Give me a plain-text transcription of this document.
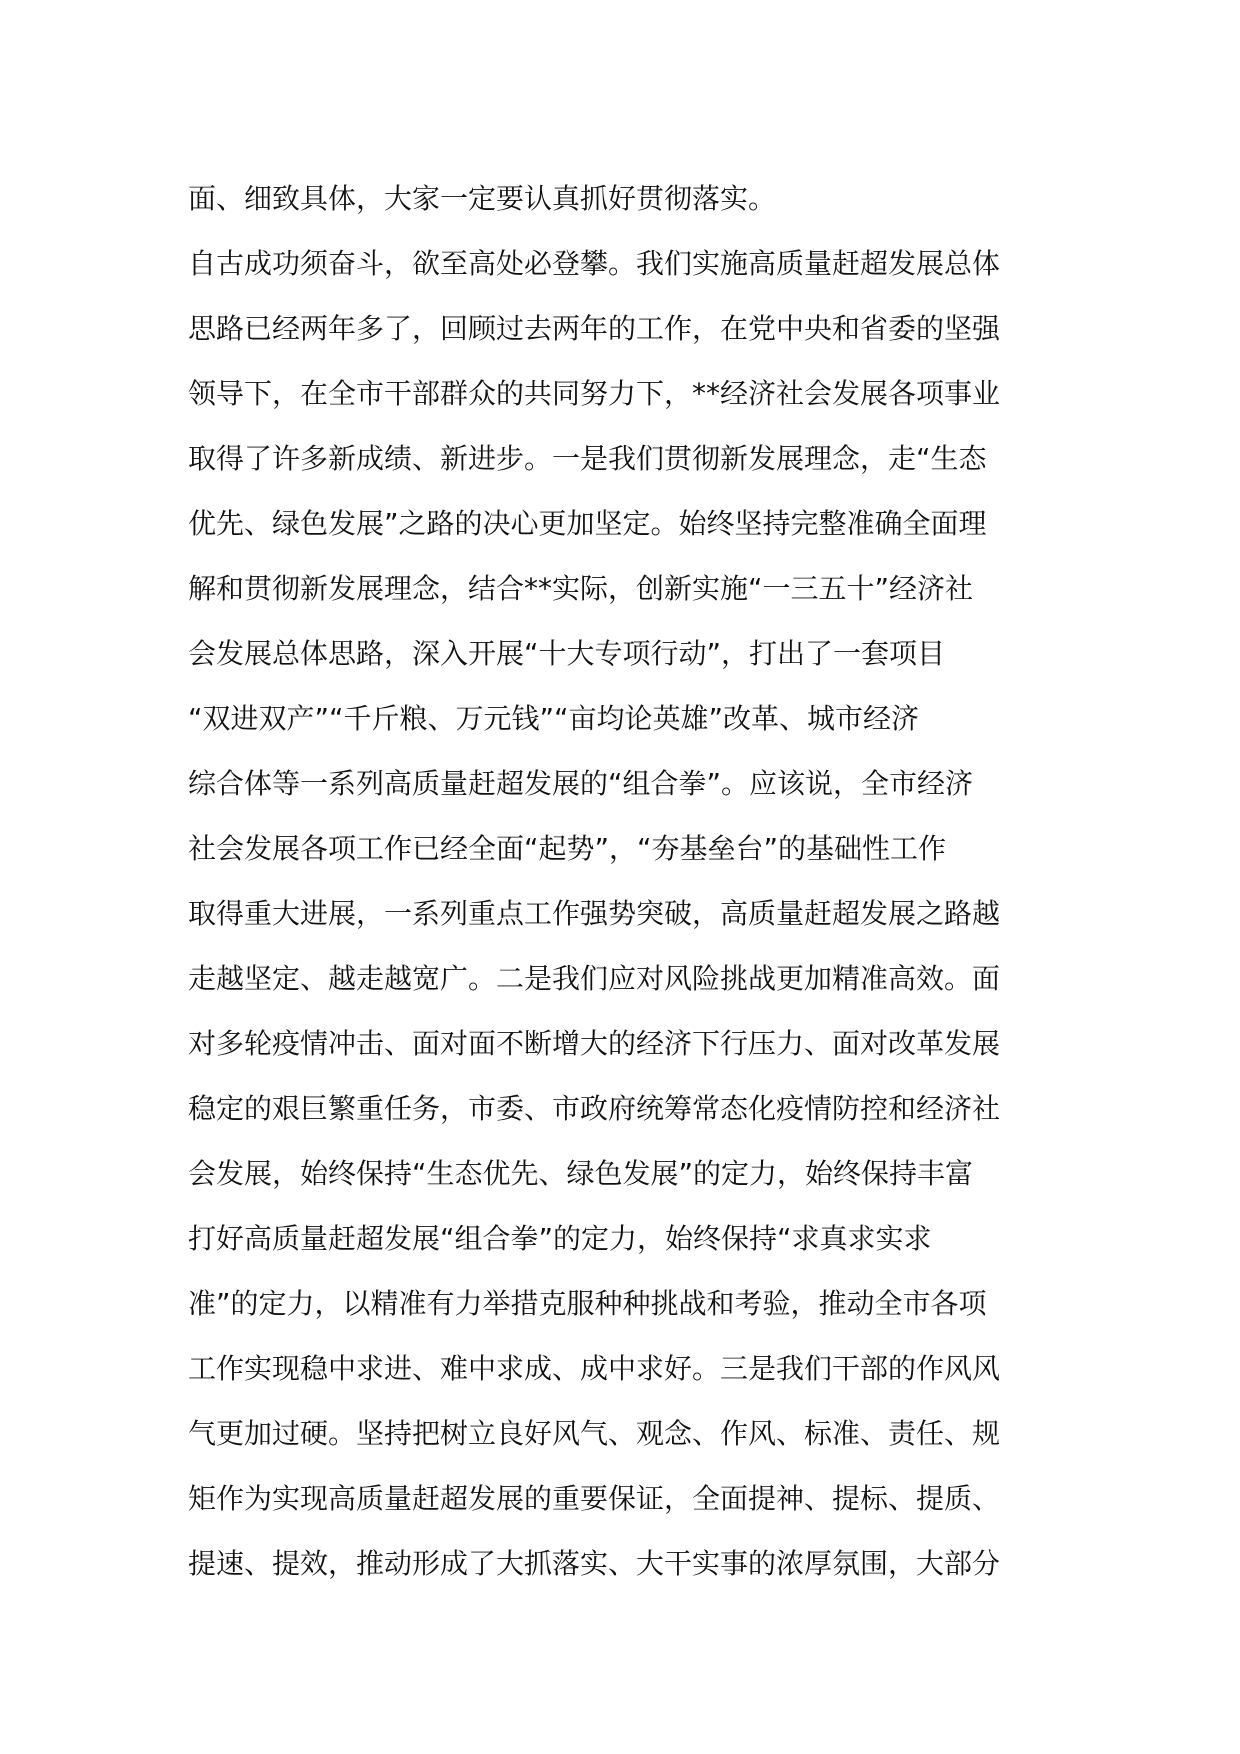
面、细致具体，大家一定要认真抓好贯彻落实。
自古成功须奋斗，欲至高处必登攀。我们实施高质量赶超发展总体
思路已经两年多了，回顾过去两年的工作，在党中央和省委的坚强
领导下，在全市干部群众的共同努力下，**经济社会发展各项事业
取得了许多新成绩、新进步。一是我们贯彻新发展理念，走“生态
优先、绿色发展”之路的决心更加坚定。始终坚持完整准确全面理
解和贯彻新发展理念，结合**实际，创新实施“一三五十”经济社
会发展总体思路，深入开展“十大专项行动”，打出了一套项目
“双进双产”“千斤粮、万元钱”“亩均论英雄”改革、城市经济
综合体等一系列高质量赶超发展的“组合拳”。应该说，全市经济
社会发展各项工作已经全面“起势”，“夯基垒台”的基础性工作
取得重大进展，一系列重点工作强势突破，高质量赶超发展之路越
走越坚定、越走越宽广。二是我们应对风险挑战更加精准高效。面
对多轮疫情冲击、面对面不断增大的经济下行压力、面对改革发展
稳定的艰巨繁重任务，市委、市政府统筹常态化疫情防控和经济社
会发展，始终保持“生态优先、绿色发展”的定力，始终保持丰富
打好高质量赶超发展“组合拳”的定力，始终保持“求真求实求
准”的定力，以精准有力举措克服种种挑战和考验，推动全市各项
工作实现稳中求进、难中求成、成中求好。三是我们干部的作风风
气更加过硬。坚持把树立良好风气、观念、作风、标准、责任、规
矩作为实现高质量赶超发展的重要保证，全面提神、提标、提质、
提速、提效，推动形成了大抓落实、大干实事的浓厚氛围，大部分
